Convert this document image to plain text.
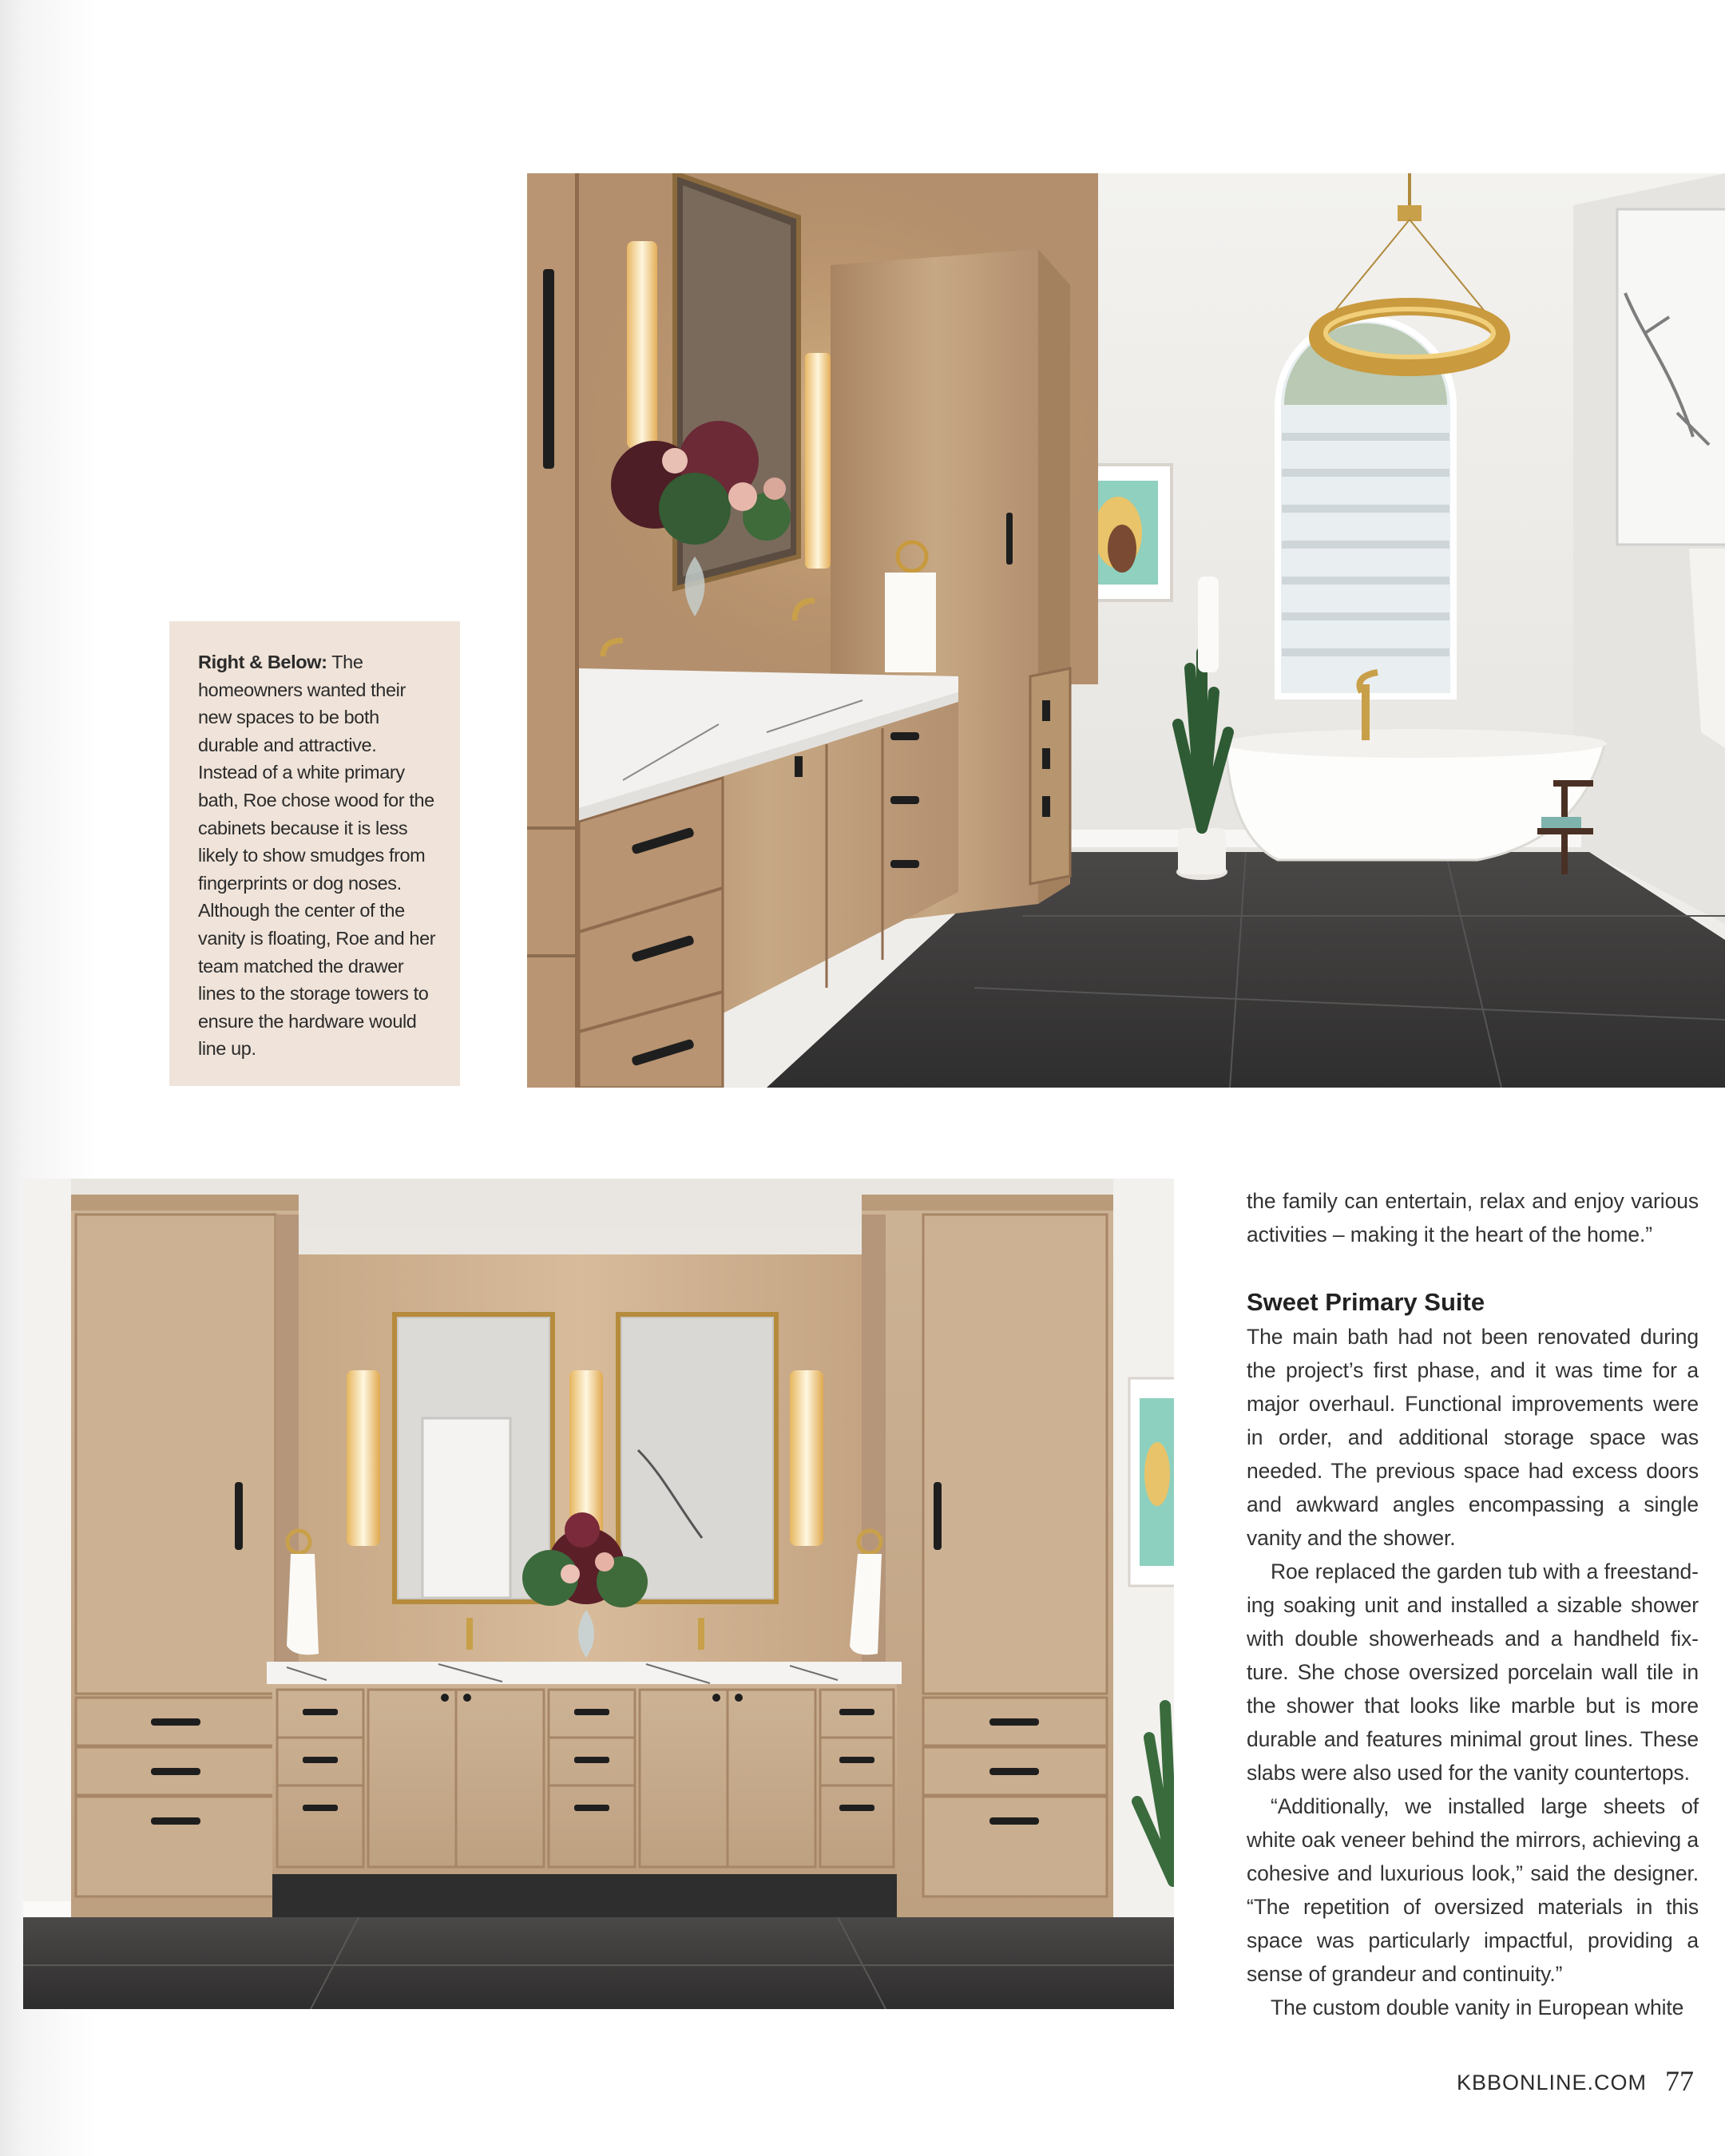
Right & Below: The homeowners wanted their new spaces to be both durable and attractive. Instead of a white primary bath, Roe chose wood for the cabinets because it is less likely to show smudges from fingerprints or dog noses. Although the center of the vanity is floating, Roe and her team matched the drawer lines to the storage towers to ensure the hardware would line up.

the family can entertain, relax and enjoy various activities – making it the heart of the home.”

Sweet Primary Suite

The main bath had not been renovated during the project’s first phase, and it was time for a major overhaul. Functional improvements were in order, and additional storage space was needed. The previous space had excess doors and awkward angles encompassing a single vanity and the shower.

Roe replaced the garden tub with a freestanding soaking unit and installed a sizable shower with double showerheads and a handheld fixture. She chose oversized porcelain wall tile in the shower that looks like marble but is more durable and features minimal grout lines. These slabs were also used for the vanity countertops.

“Additionally, we installed large sheets of white oak veneer behind the mirrors, achieving a cohesive and luxurious look,” said the designer. “The repetition of oversized materials in this space was particularly impactful, providing a sense of grandeur and continuity.”

The custom double vanity in European white

KBBONLINE.COM 77
